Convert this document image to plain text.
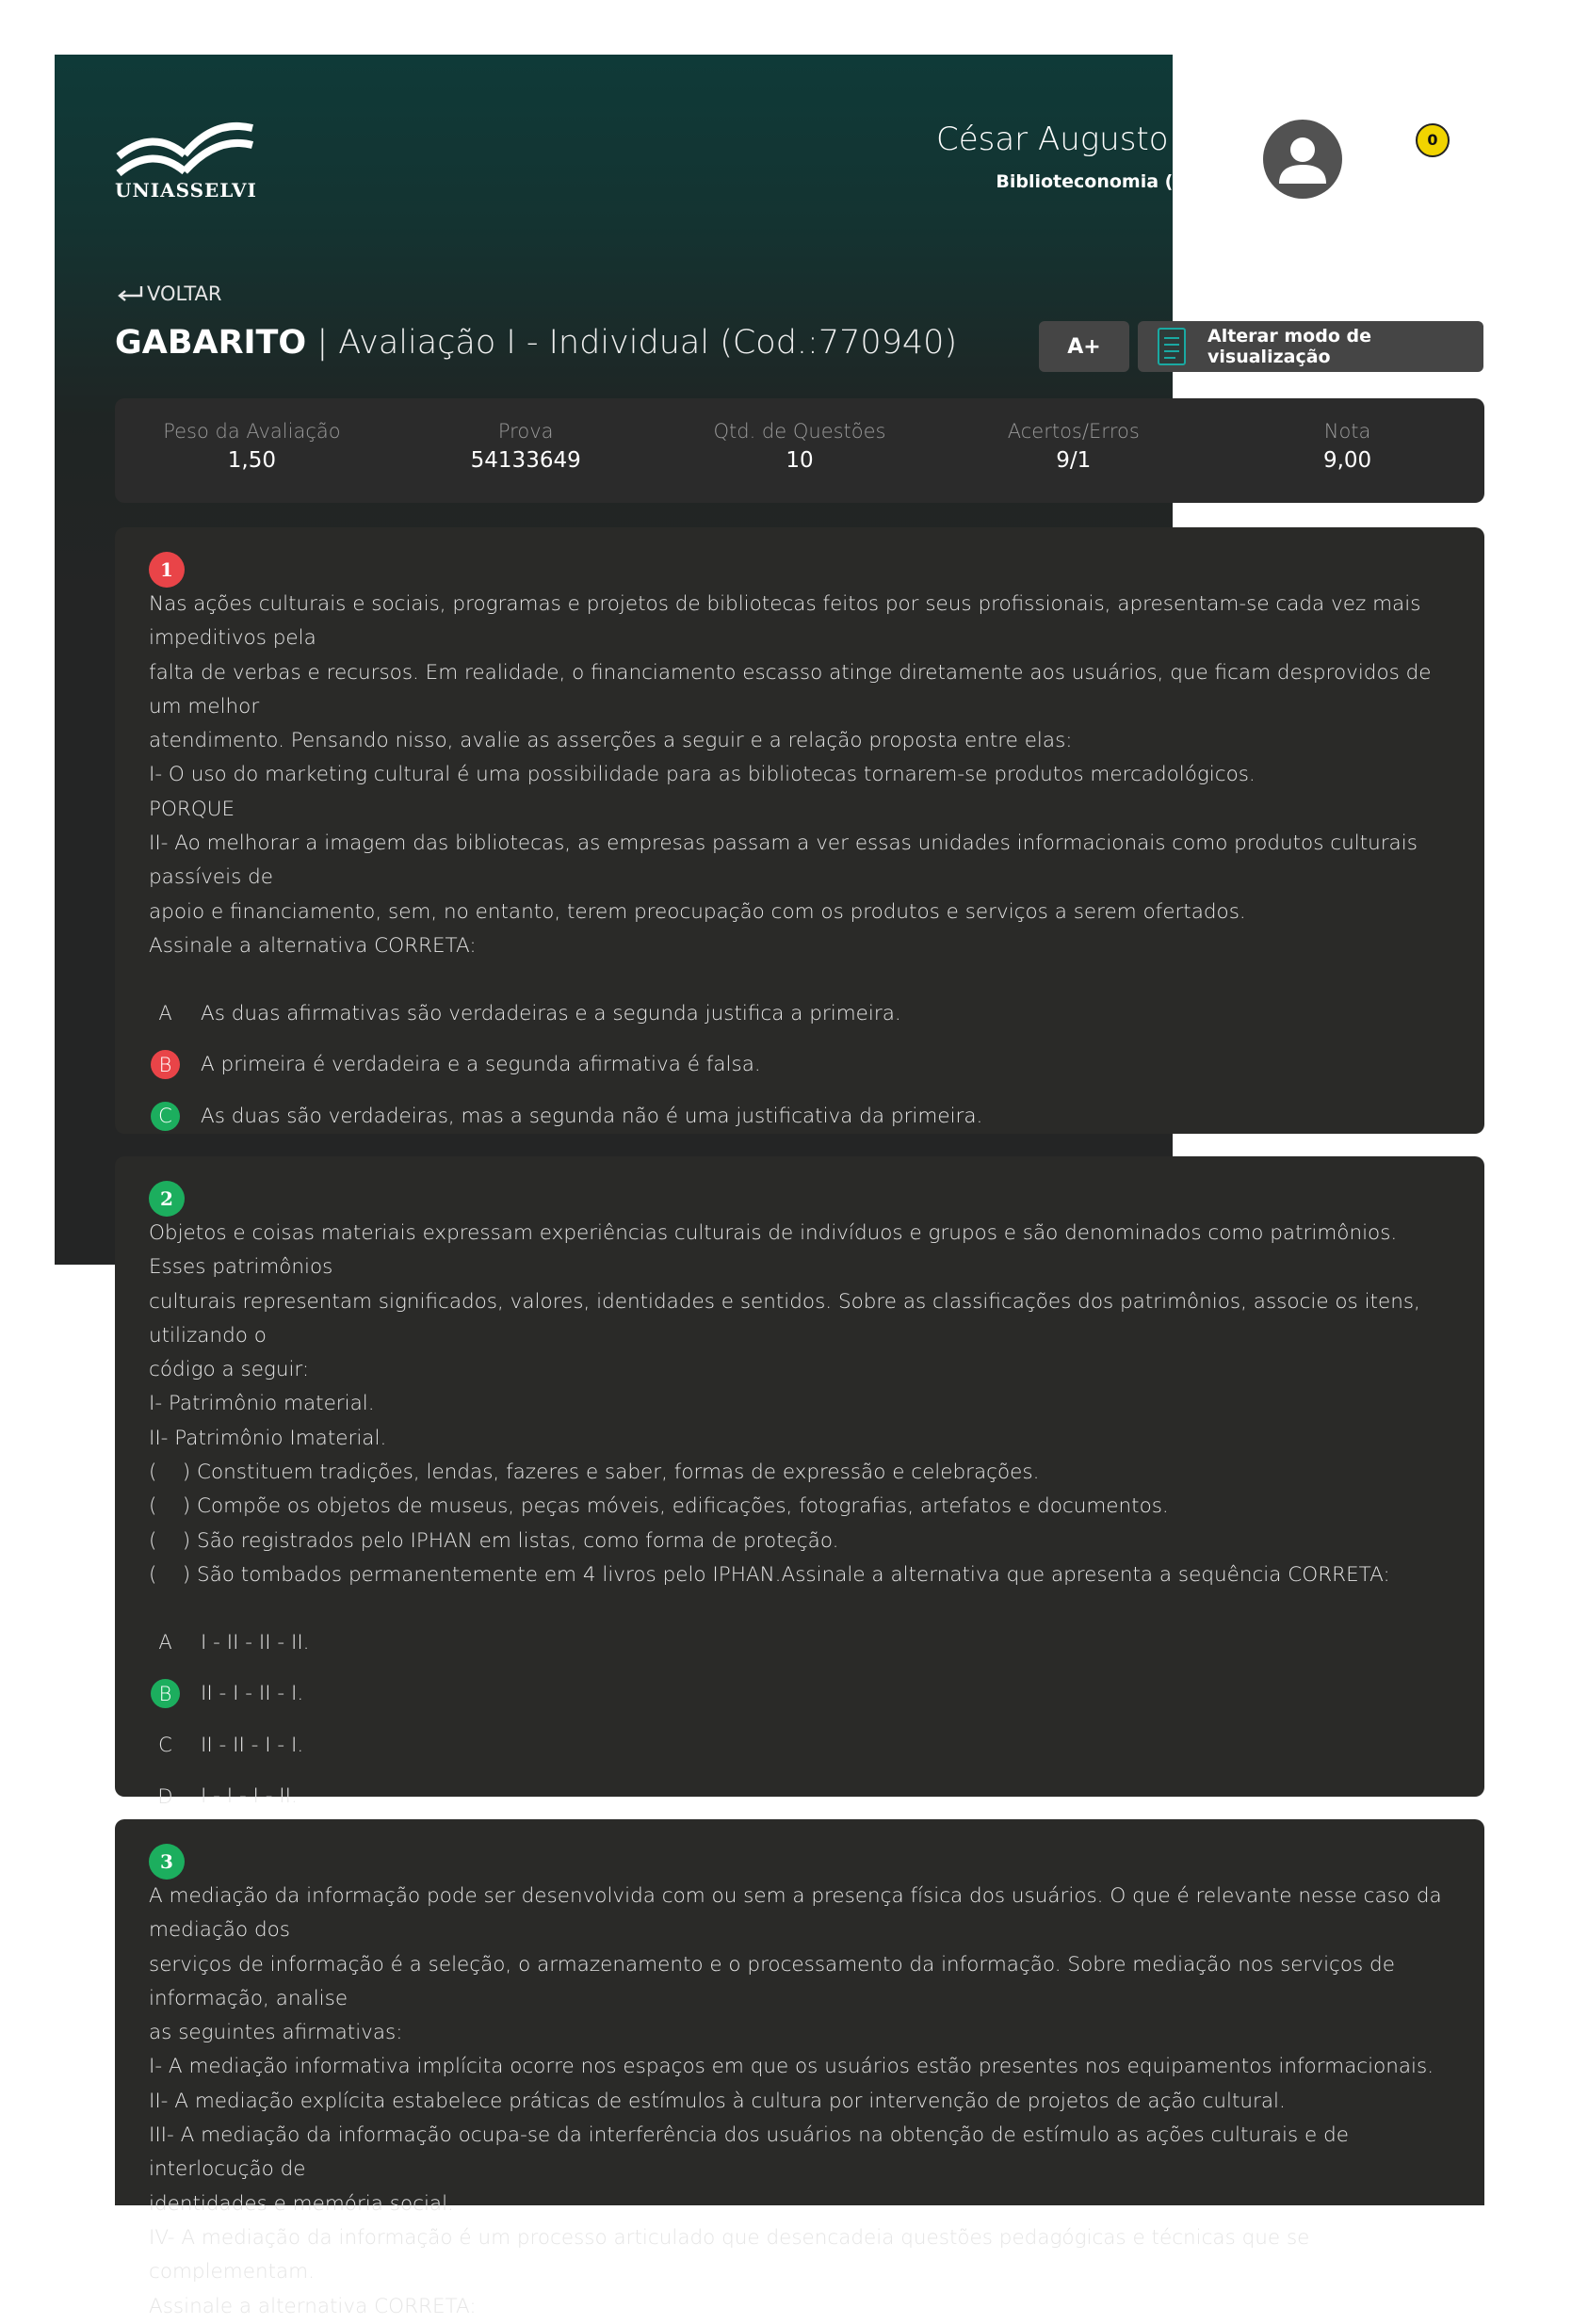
UNIASSELVI
César Augusto W
Biblioteconomia (246
0
VOLTAR
GABARITO | Avaliação I - Individual (Cod.:770940)	A+	Alterar modo de visualização
Peso da Avaliação
1,50
Prova
54133649
Qtd. de Questões
10
Acertos/Erros
9/1
Nota
9,00
1

Nas ações culturais e sociais, programas e projetos de bibliotecas feitos por seus profissionais, apresentam-se cada vez mais impeditivos pela

falta de verbas e recursos. Em realidade, o financiamento escasso atinge diretamente aos usuários, que ficam desprovidos de um melhor

atendimento. Pensando nisso, avalie as asserções a seguir e a relação proposta entre elas:

I- O uso do marketing cultural é uma possibilidade para as bibliotecas tornarem-se produtos mercadológicos.

PORQUE

II- Ao melhorar a imagem das bibliotecas, as empresas passam a ver essas unidades informacionais como produtos culturais passíveis de

apoio e financiamento, sem, no entanto, terem preocupação com os produtos e serviços a serem ofertados.

Assinale a alternativa CORRETA:

A	As duas afirmativas são verdadeiras e a segunda justifica a primeira.
B	A primeira é verdadeira e a segunda afirmativa é falsa.
C	As duas são verdadeiras, mas a segunda não é uma justificativa da primeira.
2

Objetos e coisas materiais expressam experiências culturais de indivíduos e grupos e são denominados como patrimônios. Esses patrimônios

culturais representam significados, valores, identidades e sentidos. Sobre as classificações dos patrimônios, associe os itens, utilizando o

código a seguir:

I- Patrimônio material.

II- Patrimônio Imaterial.

(    ) Constituem tradições, lendas, fazeres e saber, formas de expressão e celebrações.

(    ) Compõe os objetos de museus, peças móveis, edificações, fotografias, artefatos e documentos.

(    ) São registrados pelo IPHAN em listas, como forma de proteção.

(    ) São tombados permanentemente em 4 livros pelo IPHAN.Assinale a alternativa que apresenta a sequência CORRETA:

A	I - II - II - II.
B	II - I - II - I.
C	II - II - I - I.
D	I - I - I - II.
3

A mediação da informação pode ser desenvolvida com ou sem a presença física dos usuários. O que é relevante nesse caso da mediação dos

serviços de informação é a seleção, o armazenamento e o processamento da informação. Sobre mediação nos serviços de informação, analise

as seguintes afirmativas:

I- A mediação informativa implícita ocorre nos espaços em que os usuários estão presentes nos equipamentos informacionais.

II- A mediação explícita estabelece práticas de estímulos à cultura por intervenção de projetos de ação cultural.

III- A mediação da informação ocupa-se da interferência dos usuários na obtenção de estímulo as ações culturais e de interlocução de

identidades e memória social.

IV- A mediação da informação é um processo articulado que desencadeia questões pedagógicas e técnicas que se complementam.

Assinale a alternativa CORRETA:
